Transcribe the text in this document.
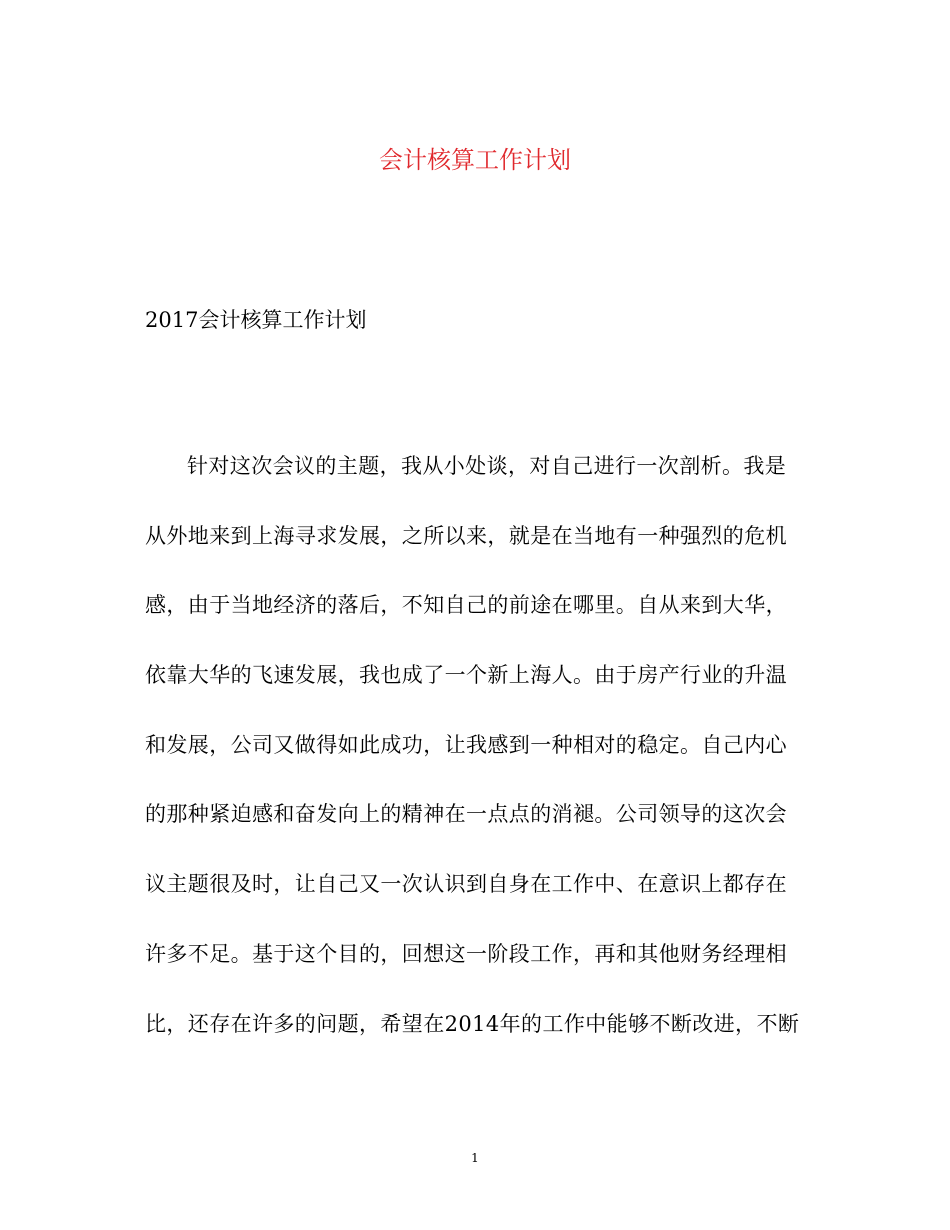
会计核算工作计划

2017会计核算工作计划

针对这次会议的主题，我从小处谈，对自己进行一次剖析。我是
从外地来到上海寻求发展，之所以来，就是在当地有一种强烈的危机
感，由于当地经济的落后，不知自己的前途在哪里。自从来到大华，
依靠大华的飞速发展，我也成了一个新上海人。由于房产行业的升温
和发展，公司又做得如此成功，让我感到一种相对的稳定。自己内心
的那种紧迫感和奋发向上的精神在一点点的消褪。公司领导的这次会
议主题很及时，让自己又一次认识到自身在工作中、在意识上都存在
许多不足。基于这个目的，回想这一阶段工作，再和其他财务经理相
比，还存在许多的问题，希望在2014年的工作中能够不断改进，不断
1
